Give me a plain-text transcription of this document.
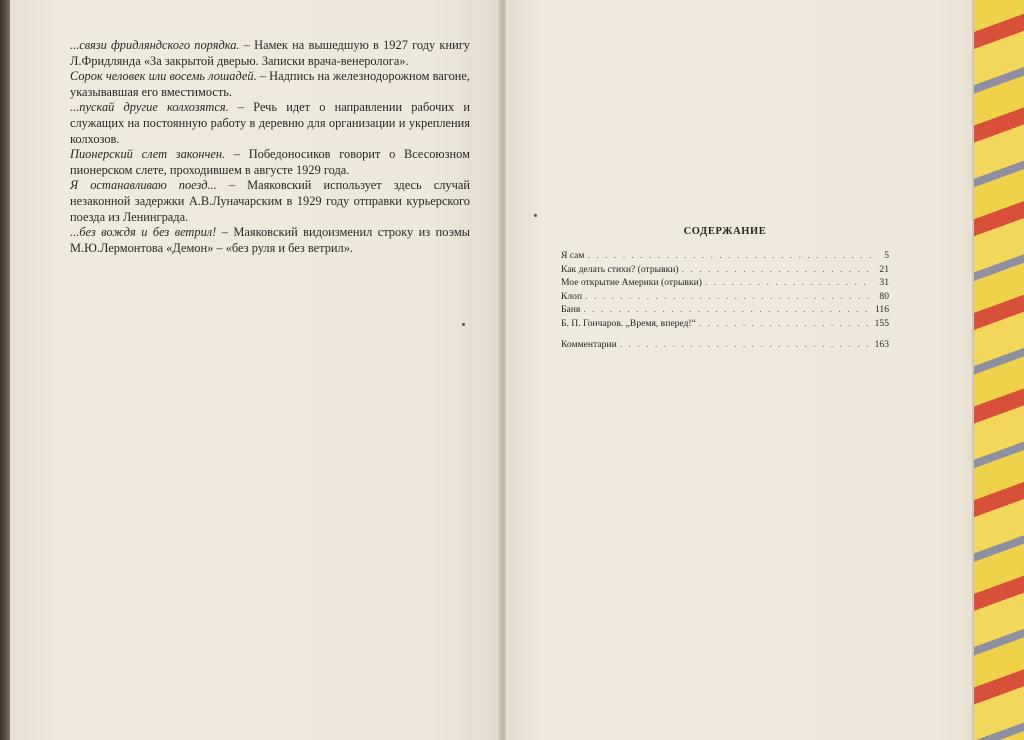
...связи фридляндского порядка. – Намек на вышедшую в 1927 году книгу Л.Фридлянда «За закрытой дверью. Записки врача-венеролога».

Сорок человек или восемь лошадей. – Надпись на железнодорожном вагоне, указывавшая его вместимость.

...пускай другие колхозятся. – Речь идет о направлении рабочих и служащих на постоянную работу в деревню для организации и укрепления колхозов.

Пионерский слет закончен. – Победоносиков говорит о Всесоюзном пионерском слете, проходившем в августе 1929 года.

Я останавливаю поезд... – Маяковский использует здесь случай незаконной задержки А.В.Луначарским в 1929 году отправки курьерского поезда из Ленинграда.

...без вождя и без ветрил! – Маяковский видоизменил строку из поэмы М.Ю.Лермонтова «Демон» – «без руля и без ветрил».

СОДЕРЖАНИЕ
Я сам . . .	5
Как делать стихи? (отрывки) . . .	21
Мое открытие Америки (отрывки) . . .	31
Клоп . . .	80
Баня . . .	116
Б. П. Гончаров. „Время, вперед!“ . . .	155
Комментарии . . .	163
